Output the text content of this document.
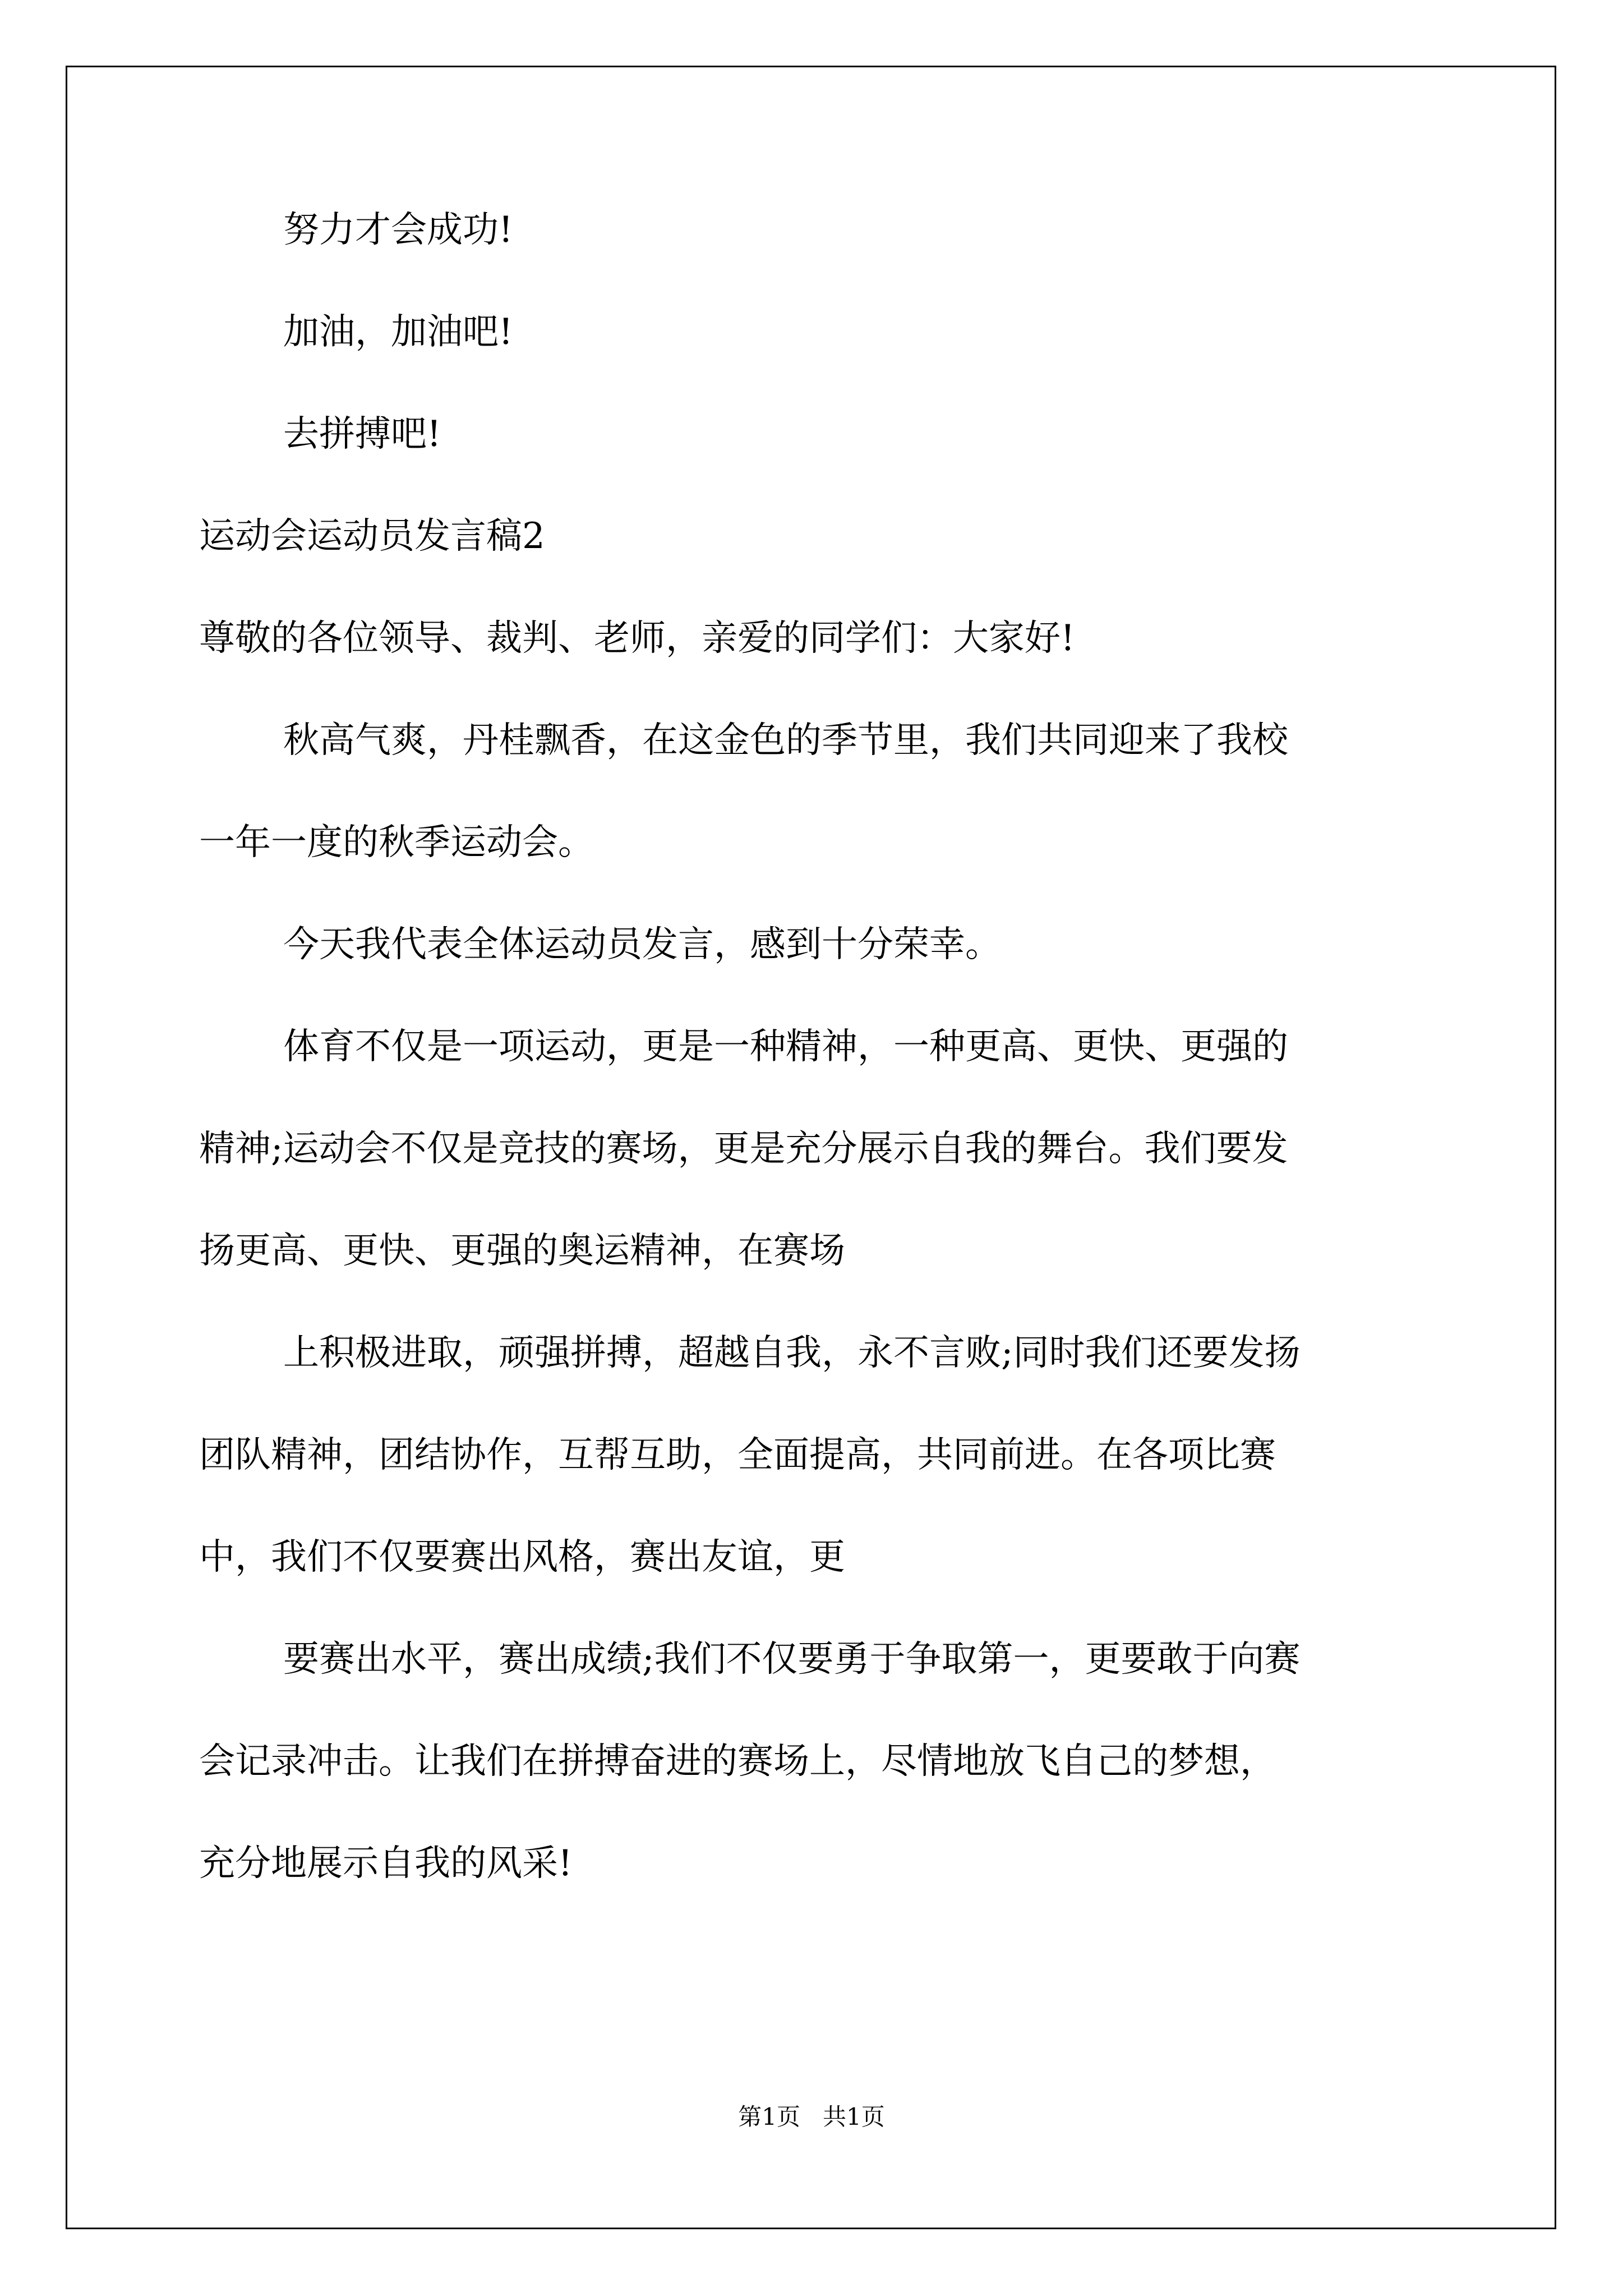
努力才会成功!
加油，加油吧!
去拼搏吧!
运动会运动员发言稿2
尊敬的各位领导、裁判、老师，亲爱的同学们：大家好!
秋高气爽，丹桂飘香，在这金色的季节里，我们共同迎来了我校
一年一度的秋季运动会。
今天我代表全体运动员发言，感到十分荣幸。
体育不仅是一项运动，更是一种精神，一种更高、更快、更强的
精神;运动会不仅是竞技的赛场，更是充分展示自我的舞台。我们要发
扬更高、更快、更强的奥运精神，在赛场
上积极进取，顽强拼搏，超越自我，永不言败;同时我们还要发扬
团队精神，团结协作，互帮互助，全面提高，共同前进。在各项比赛
中，我们不仅要赛出风格，赛出友谊，更
要赛出水平，赛出成绩;我们不仅要勇于争取第一，更要敢于向赛
会记录冲击。让我们在拼搏奋进的赛场上，尽情地放飞自己的梦想，
充分地展示自我的风采!
第1页   共1页
